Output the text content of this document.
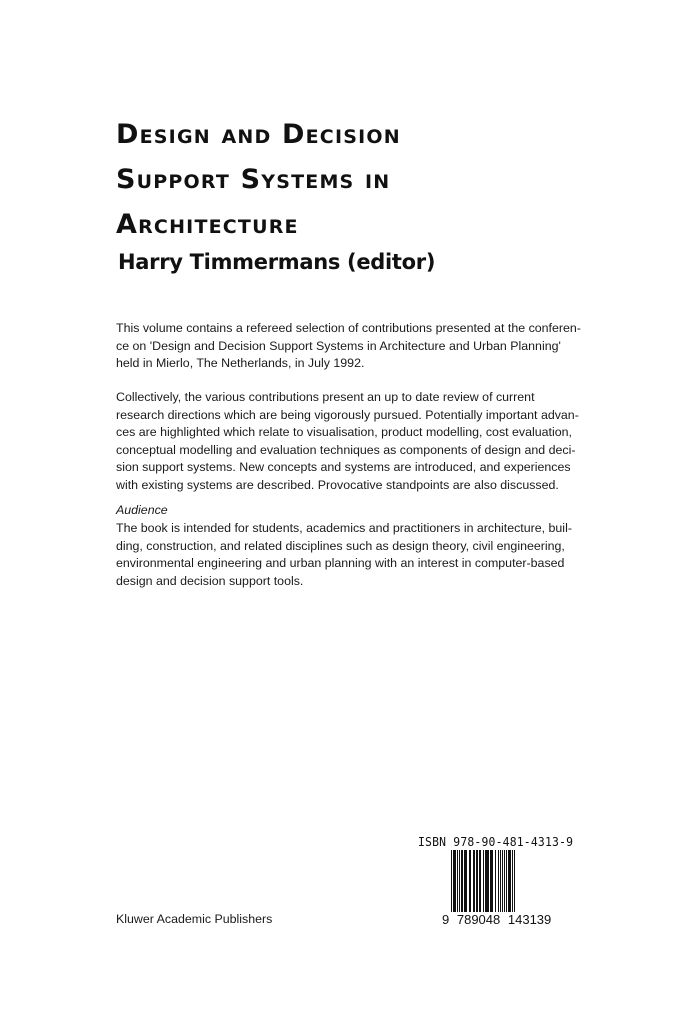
Design and Decision
Support Systems in
Architecture
Harry Timmermans (editor)
This volume contains a refereed selection of contributions presented at the conferen-
ce on 'Design and Decision Support Systems in Architecture and Urban Planning'
held in Mierlo, The Netherlands, in July 1992.
Collectively, the various contributions present an up to date review of current
research directions which are being vigorously pursued. Potentially important advan-
ces are highlighted which relate to visualisation, product modelling, cost evaluation,
conceptual modelling and evaluation techniques as components of design and deci-
sion support systems. New concepts and systems are introduced, and experiences
with existing systems are described. Provocative standpoints are also discussed.
Audience
The book is intended for students, academics and practitioners in architecture, buil-
ding, construction, and related disciplines such as design theory, civil engineering,
environmental engineering and urban planning with an interest in computer-based
design and decision support tools.
Kluwer Academic Publishers
ISBN 978-90-481-4313-9
9 789048 143139
